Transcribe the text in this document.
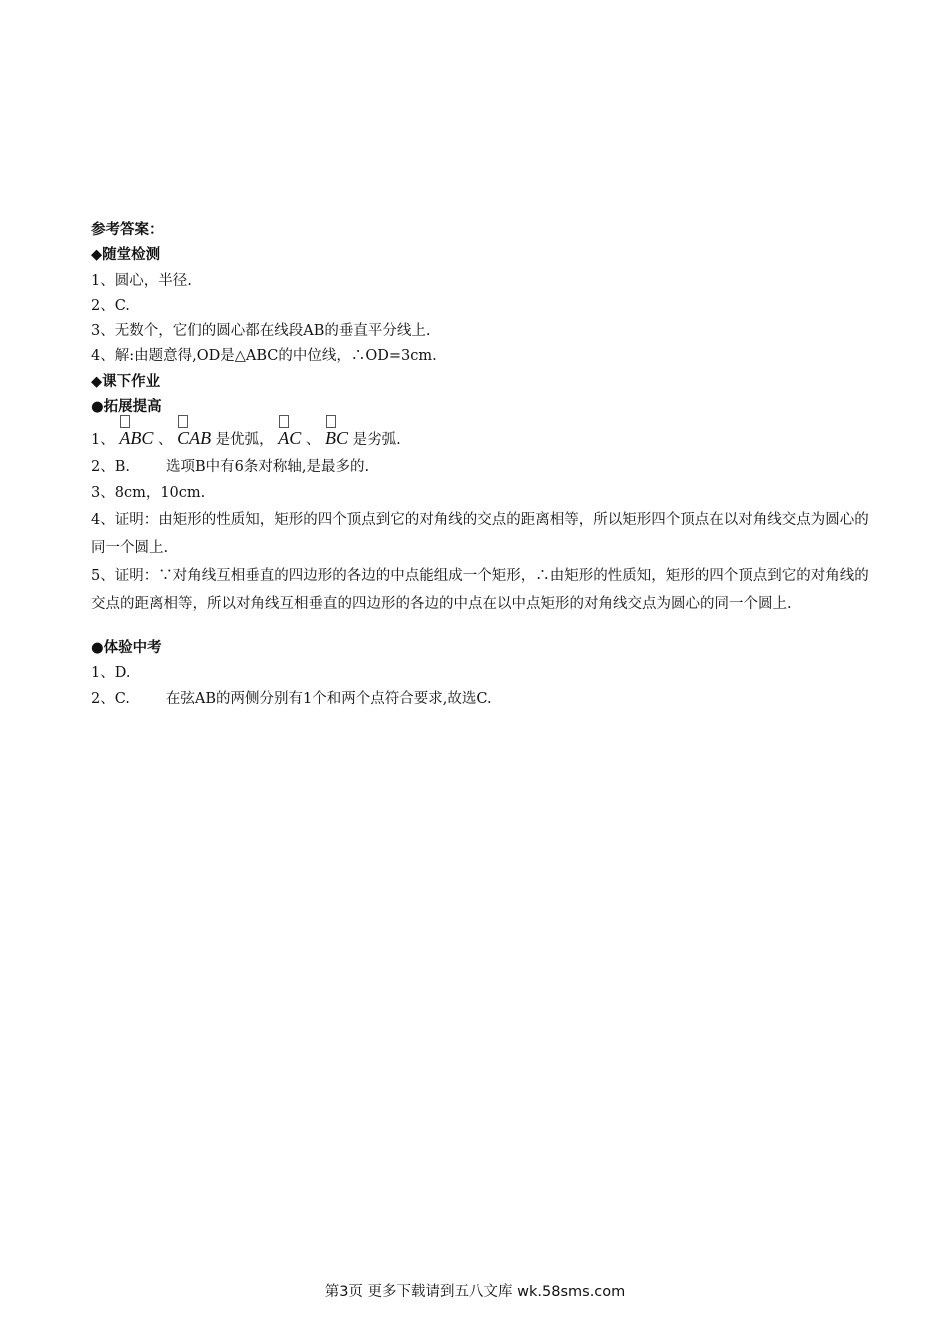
参考答案：
◆随堂检测
1、圆心，半径.
2、C.
3、无数个，它们的圆心都在线段AB的垂直平分线上.
4、解:由题意得,OD是△ABC的中位线，∴OD=3cm.
◆课下作业
●拓展提高
1、 ABC 、 CAB 是优弧， AC 、 BC 是劣弧.
2、B. 选项B中有6条对称轴,是最多的.
3、8cm，10cm.
4、证明：由矩形的性质知，矩形的四个顶点到它的对角线的交点的距离相等，所以矩形四个顶点在以对角线交点为圆心的同一个圆上.
5、证明：∵对角线互相垂直的四边形的各边的中点能组成一个矩形，∴由矩形的性质知，矩形的四个顶点到它的对角线的交点的距离相等，所以对角线互相垂直的四边形的各边的中点在以中点矩形的对角线交点为圆心的同一个圆上.
●体验中考
1、D.
2、C. 在弦AB的两侧分别有1个和两个点符合要求,故选C.
第3页 更多下载请到五八文库 wk.58sms.com
